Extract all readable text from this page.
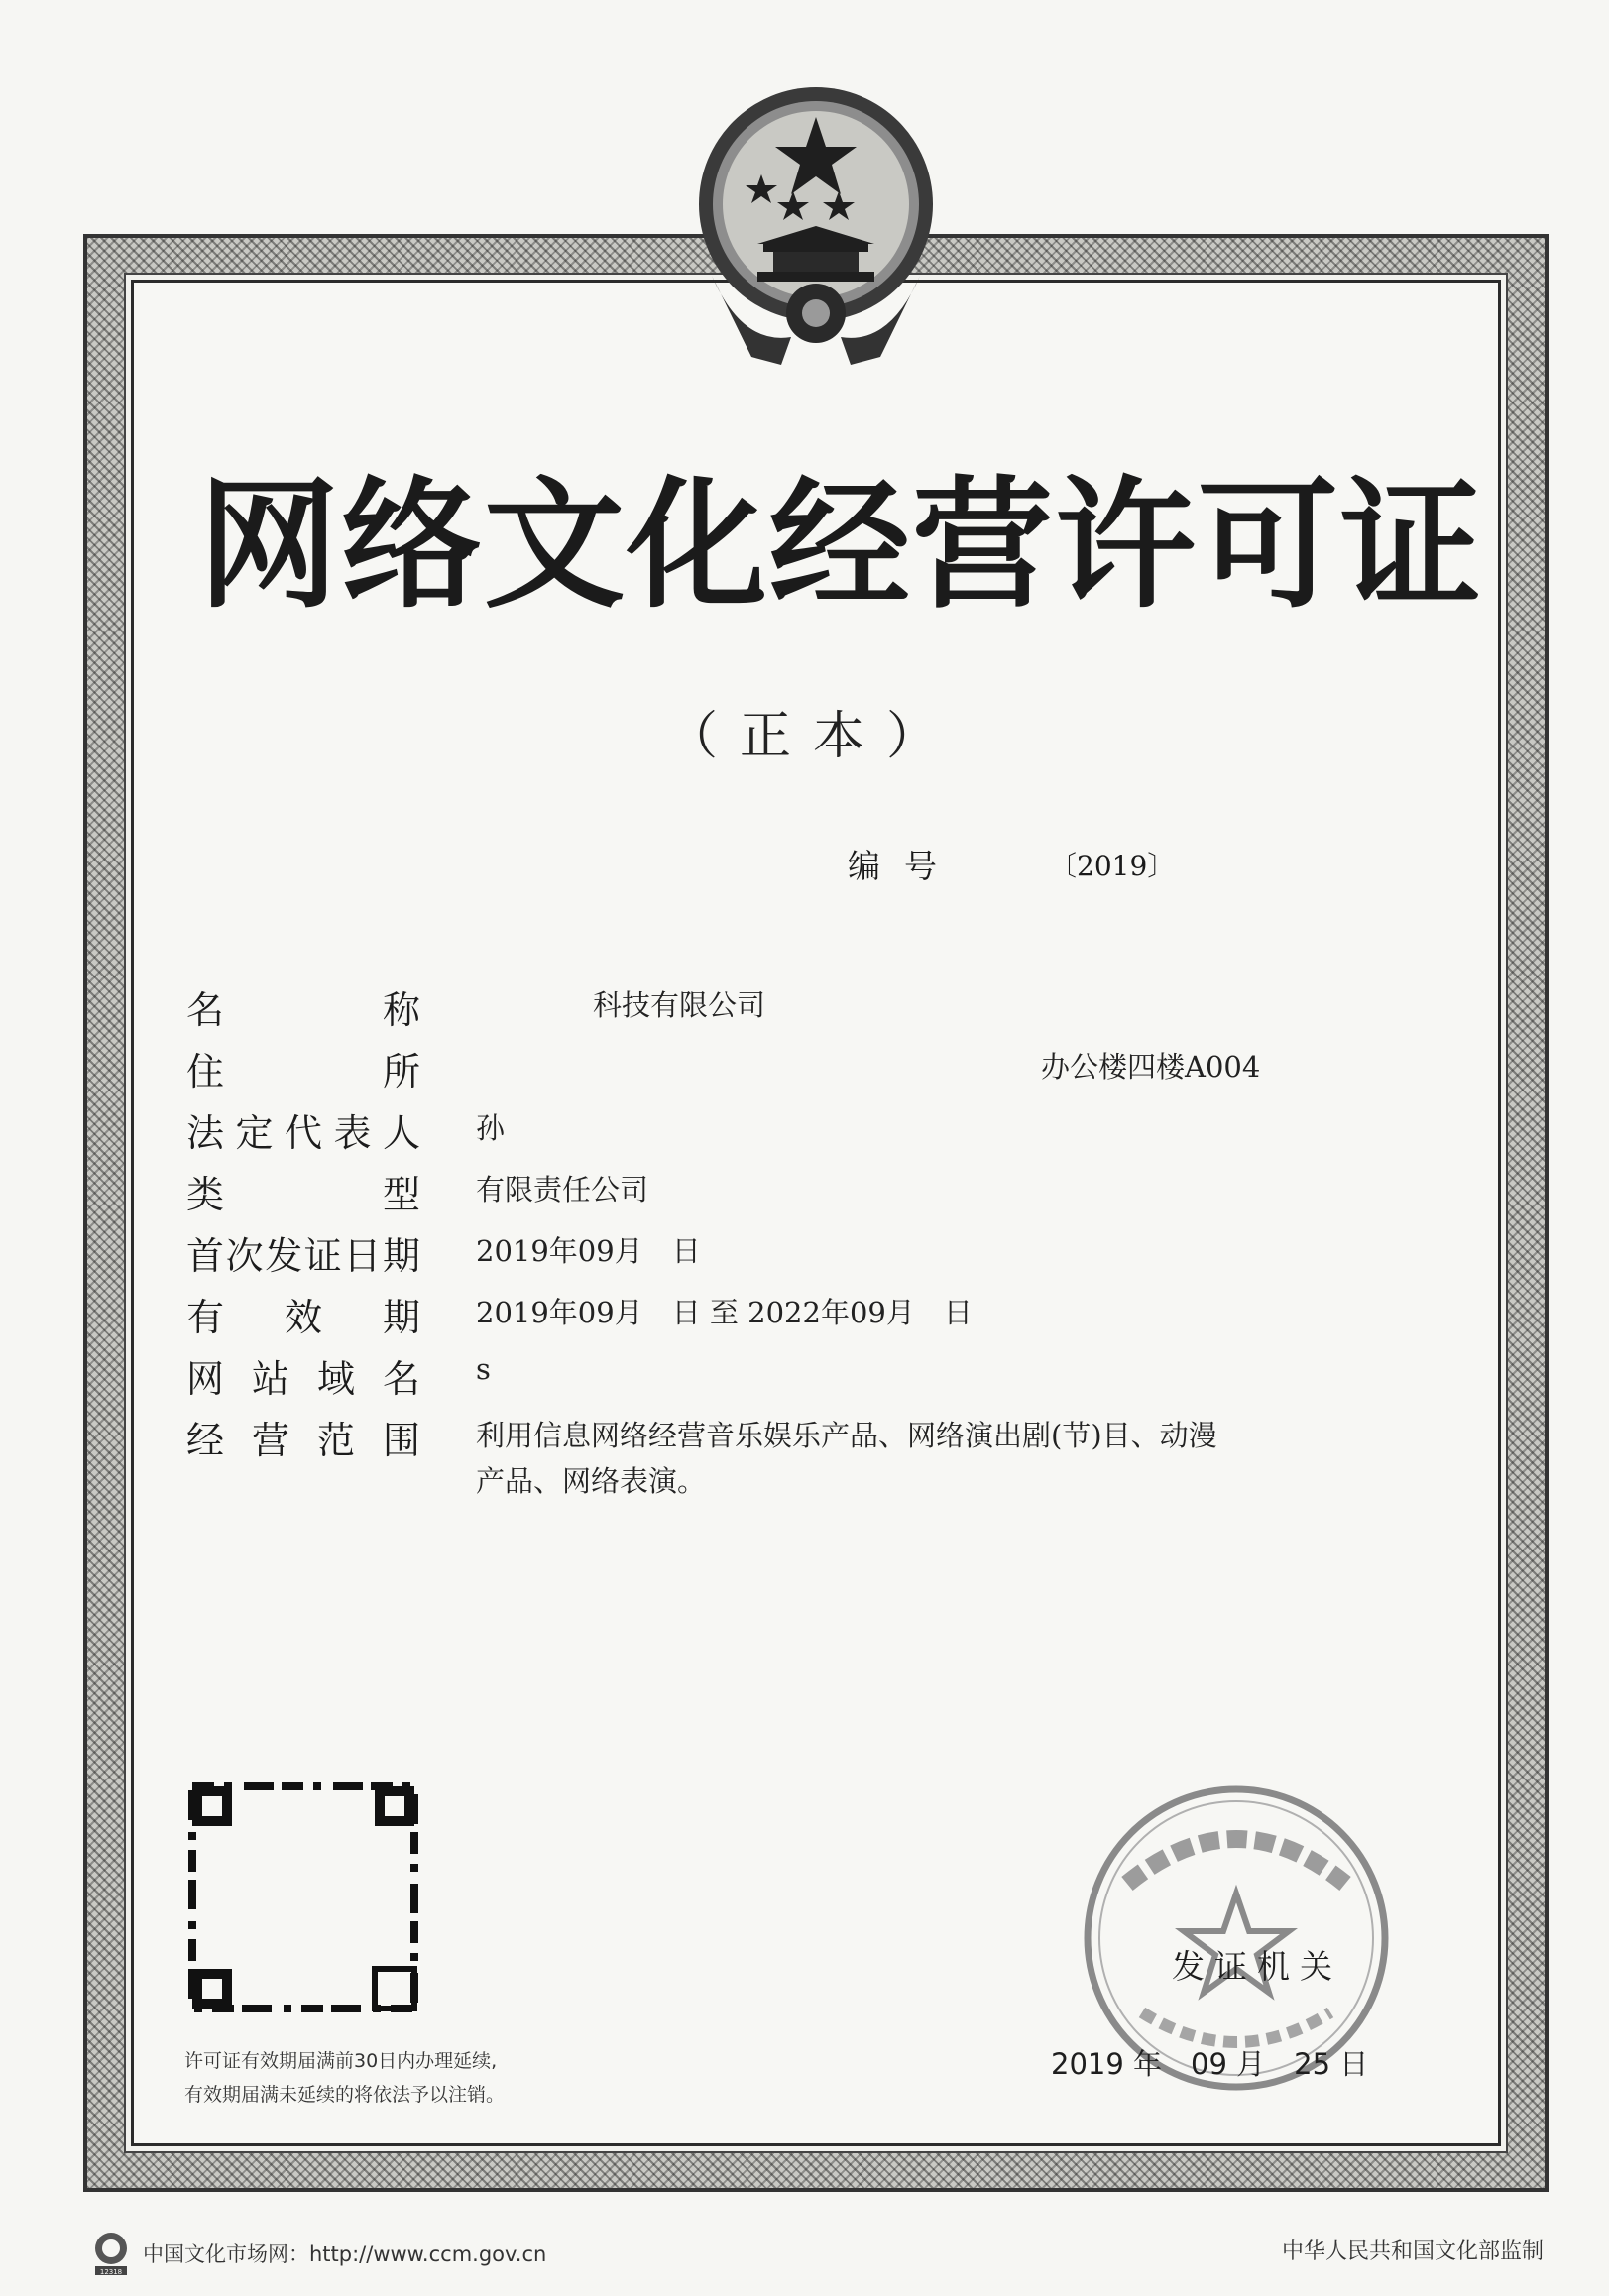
网络文化经营许可证
（正本）
编号	〔2019〕
名称	科技有限公司
住所	办公楼四楼A004
法定代表人 孙
类型 有限责任公司
首次发证日期 2019年09月　日
有效期 2019年09月　日 至 2022年09月　日
网站域名 s
经营范围 利用信息网络经营音乐娱乐产品、网络演出剧(节)目、动漫
产品、网络表演。
许可证有效期届满前30日内办理延续,
有效期届满未延续的将依法予以注销。
发证机关
2019 年　09 月　25 日
12318
中国文化市场网：http://www.ccm.gov.cn	中华人民共和国文化部监制
